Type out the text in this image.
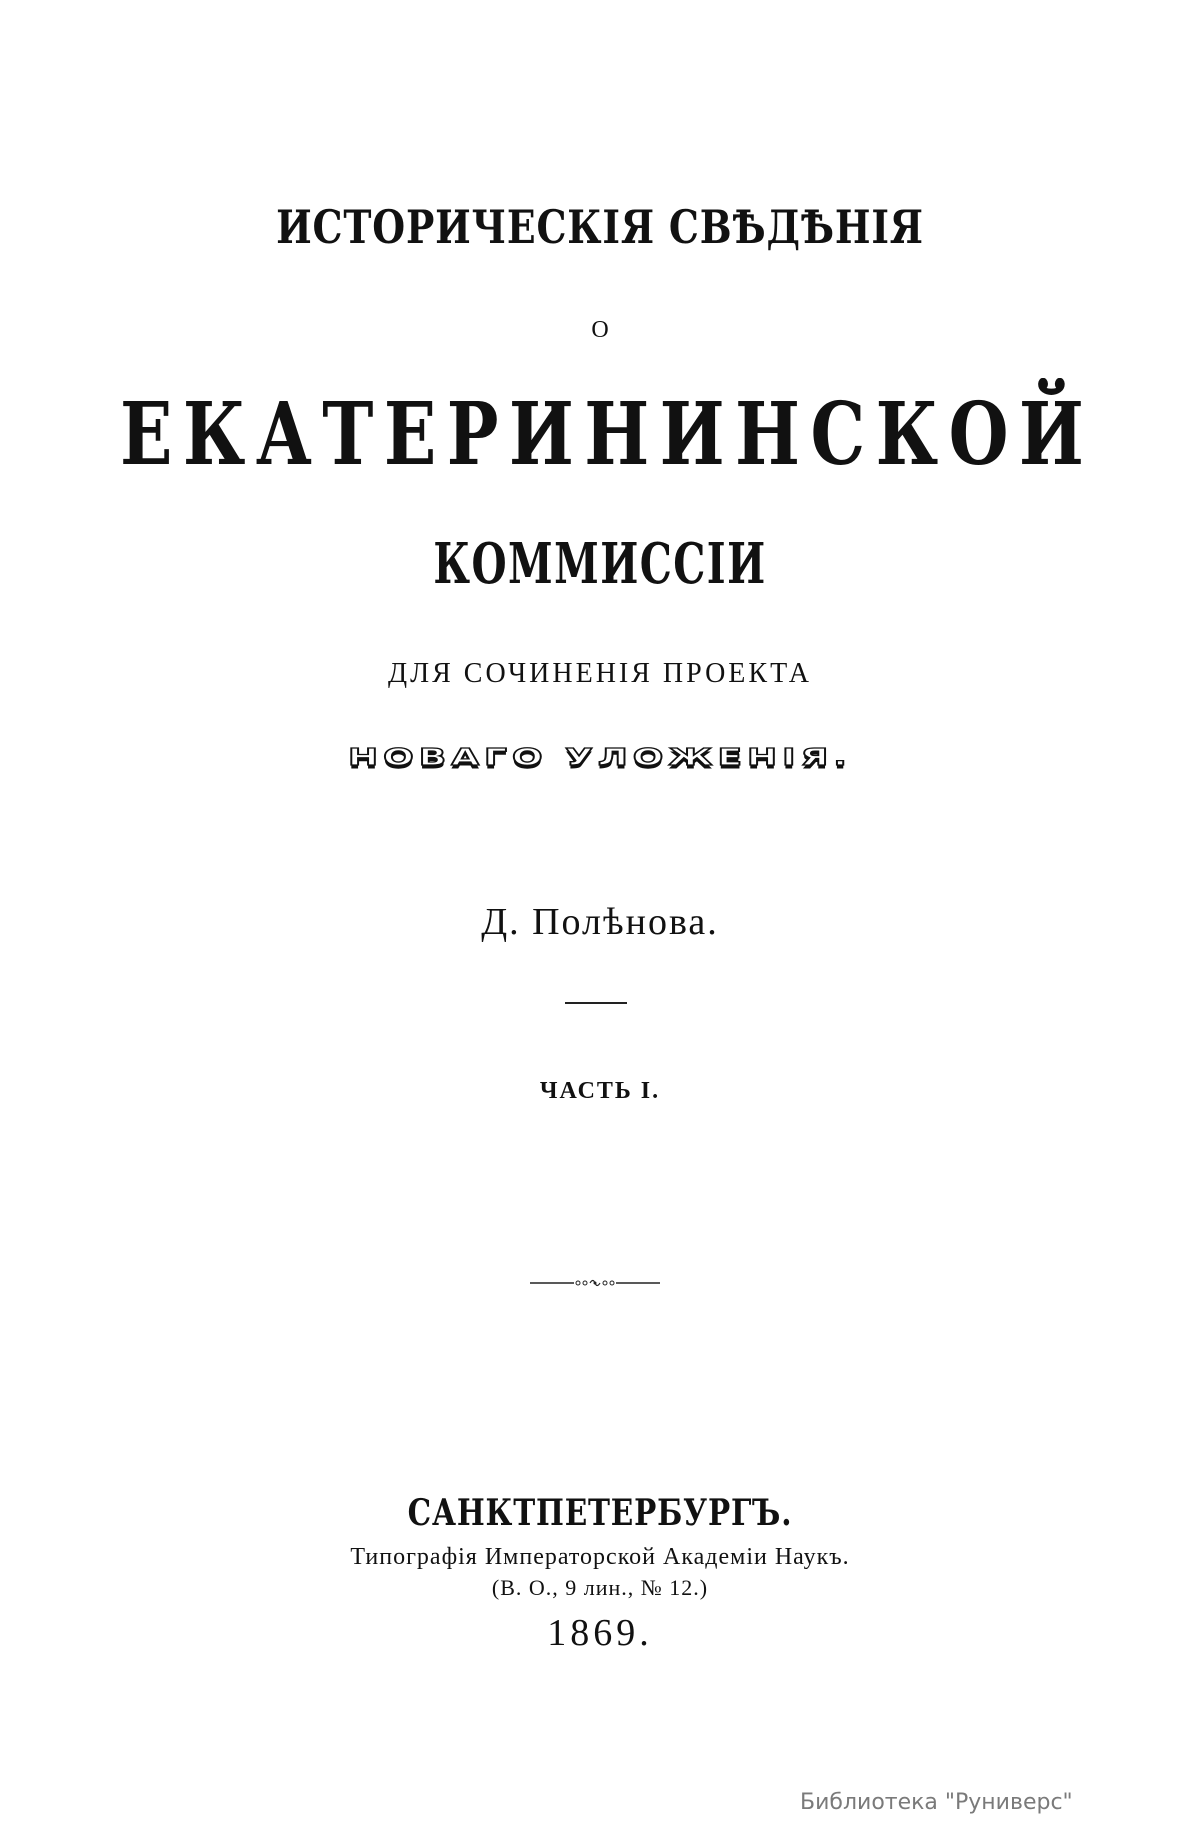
ИСТОРИЧЕСКІЯ СВѢДѢНІЯ
О
ЕКАТЕРИНИНСКОЙ
КОММИССІИ
ДЛЯ СОЧИНЕНІЯ ПРОЕКТА
НОВАГО УЛОЖЕНІЯ.
Д. Полѣнова.
ЧАСТЬ I.
САНКТПЕТЕРБУРГЪ.
Типографія Императорской Академіи Наукъ.
(В. О., 9 лин., № 12.)
1869.
Библиотека "Руниверс"
